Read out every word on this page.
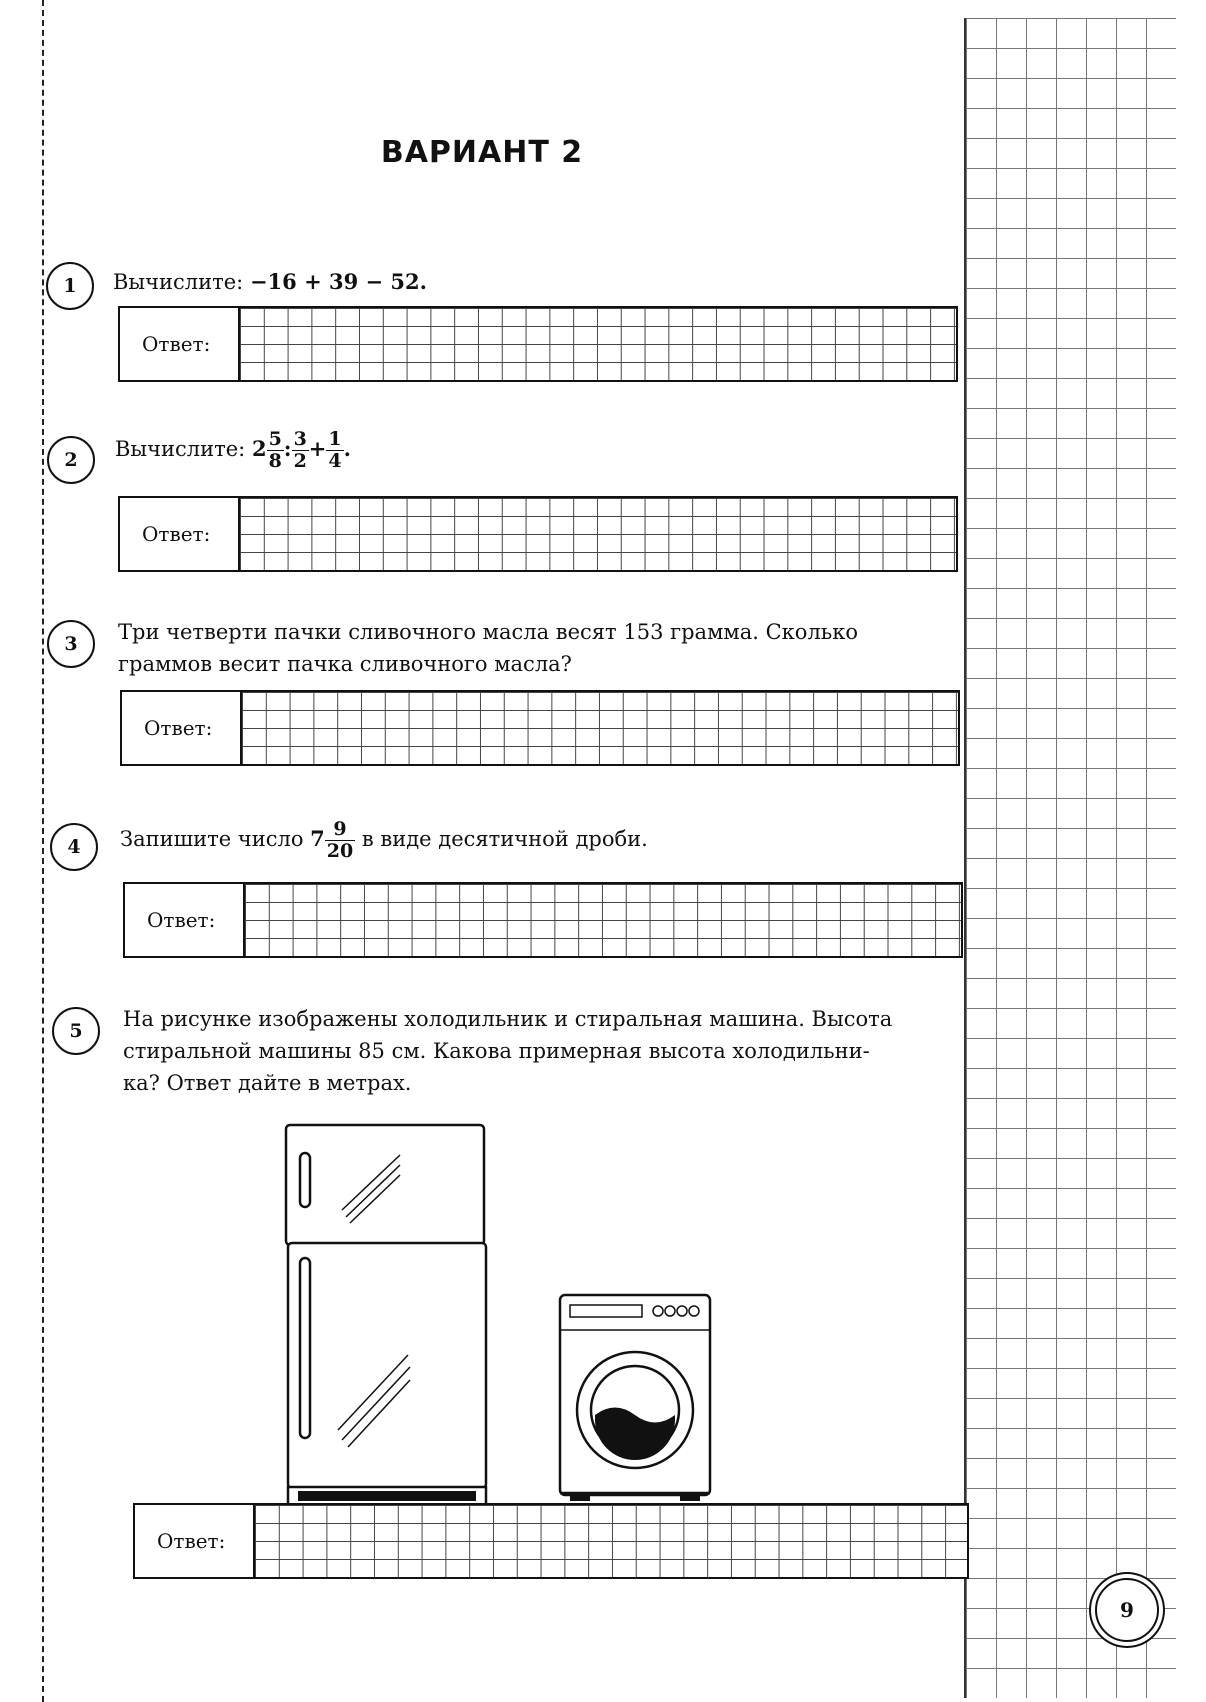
ВАРИАНТ 2
1	Вычислите: −16 + 39 − 52.
Ответ:
2	Вычислите: $2 \frac{5}{8}$ : $\frac{3}{2} + \frac{1}{4}$ .
Ответ:
3	Три четверти пачки сливочного масла весят 153 грамма. Сколько
граммов весит пачка сливочного масла?
Ответ:
4	Запишите число $7 \frac{9}{20}$ в виде десятичной дроби.
Ответ:
5	На рисунке изображены холодильник и стиральная машина. Высота
стиральной машины 85 см. Какова примерная высота холодильни-
ка? Ответ дайте в метрах.
Ответ:
9
